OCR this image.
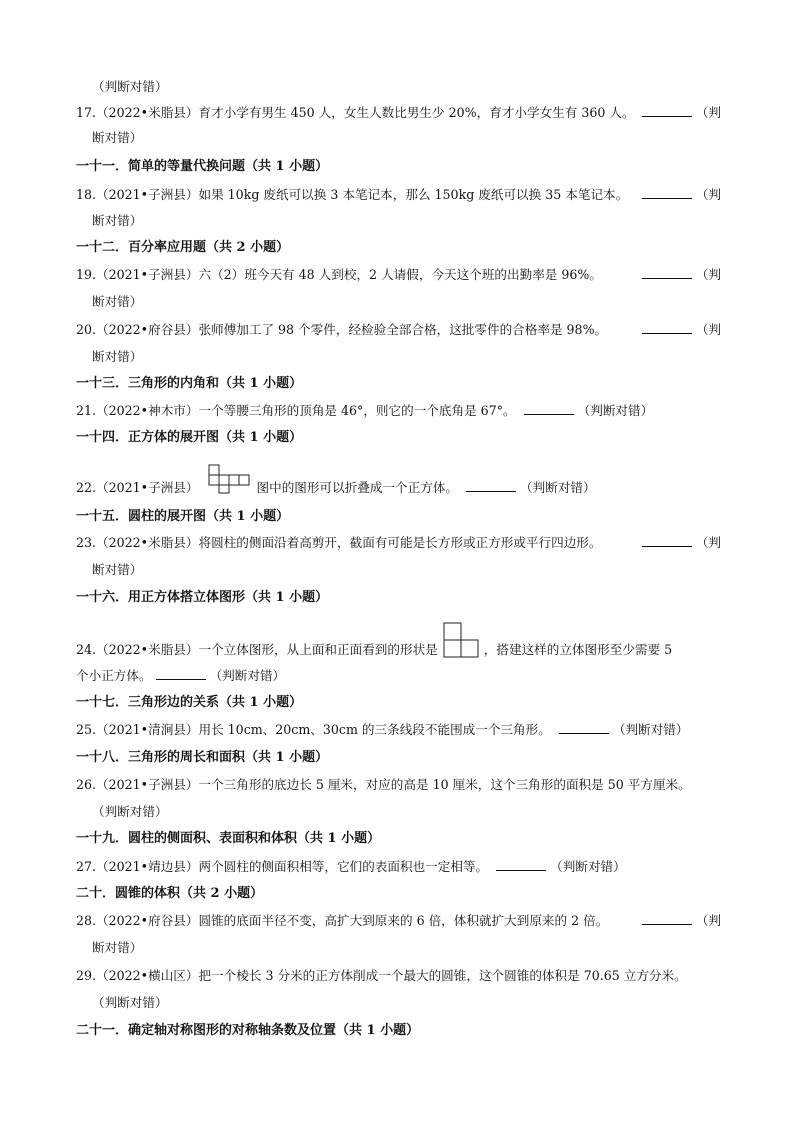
（判断对错）
17.（2022•米脂县）育才小学有男生 450 人，女生人数比男生少 20%，育才小学女生有 360 人。	（判
断对错）
一十一．简单的等量代换问题（共 1 小题）
18.（2021•子洲县）如果 10kg 废纸可以换 3 本笔记本，那么 150kg 废纸可以换 35 本笔记本。	（判
断对错）
一十二．百分率应用题（共 2 小题）
19.（2021•子洲县）六（2）班今天有 48 人到校，2 人请假，今天这个班的出勤率是 96%。	（判
断对错）
20.（2022•府谷县）张师傅加工了 98 个零件，经检验全部合格，这批零件的合格率是 98%。	（判
断对错）
一十三．三角形的内角和（共 1 小题）
21.（2022•神木市）一个等腰三角形的顶角是 46°，则它的一个底角是 67°。	（判断对错）
一十四．正方体的展开图（共 1 小题）
22.（2021•子洲县）	图中的图形可以折叠成一个正方体。	（判断对错）
一十五．圆柱的展开图（共 1 小题）
23.（2022•米脂县）将圆柱的侧面沿着高剪开，截面有可能是长方形或正方形或平行四边形。	（判
断对错）
一十六．用正方体搭立体图形（共 1 小题）
24.（2022•米脂县）一个立体图形，从上面和正面看到的形状是	，搭建这样的立体图形至少需要 5
个小正方体。	（判断对错）
一十七．三角形边的关系（共 1 小题）
25.（2021•清涧县）用长 10cm、20cm、30cm 的三条线段不能围成一个三角形。	（判断对错）
一十八．三角形的周长和面积（共 1 小题）
26.（2021•子洲县）一个三角形的底边长 5 厘米，对应的高是 10 厘米，这个三角形的面积是 50 平方厘米。
（判断对错）
一十九．圆柱的侧面积、表面积和体积（共 1 小题）
27.（2021•靖边县）两个圆柱的侧面积相等，它们的表面积也一定相等。	（判断对错）
二十．圆锥的体积（共 2 小题）
28.（2022•府谷县）圆锥的底面半径不变，高扩大到原来的 6 倍，体积就扩大到原来的 2 倍。	（判
断对错）
29.（2022•横山区）把一个棱长 3 分米的正方体削成一个最大的圆锥，这个圆锥的体积是 70.65 立方分米。
（判断对错）
二十一．确定轴对称图形的对称轴条数及位置（共 1 小题）
